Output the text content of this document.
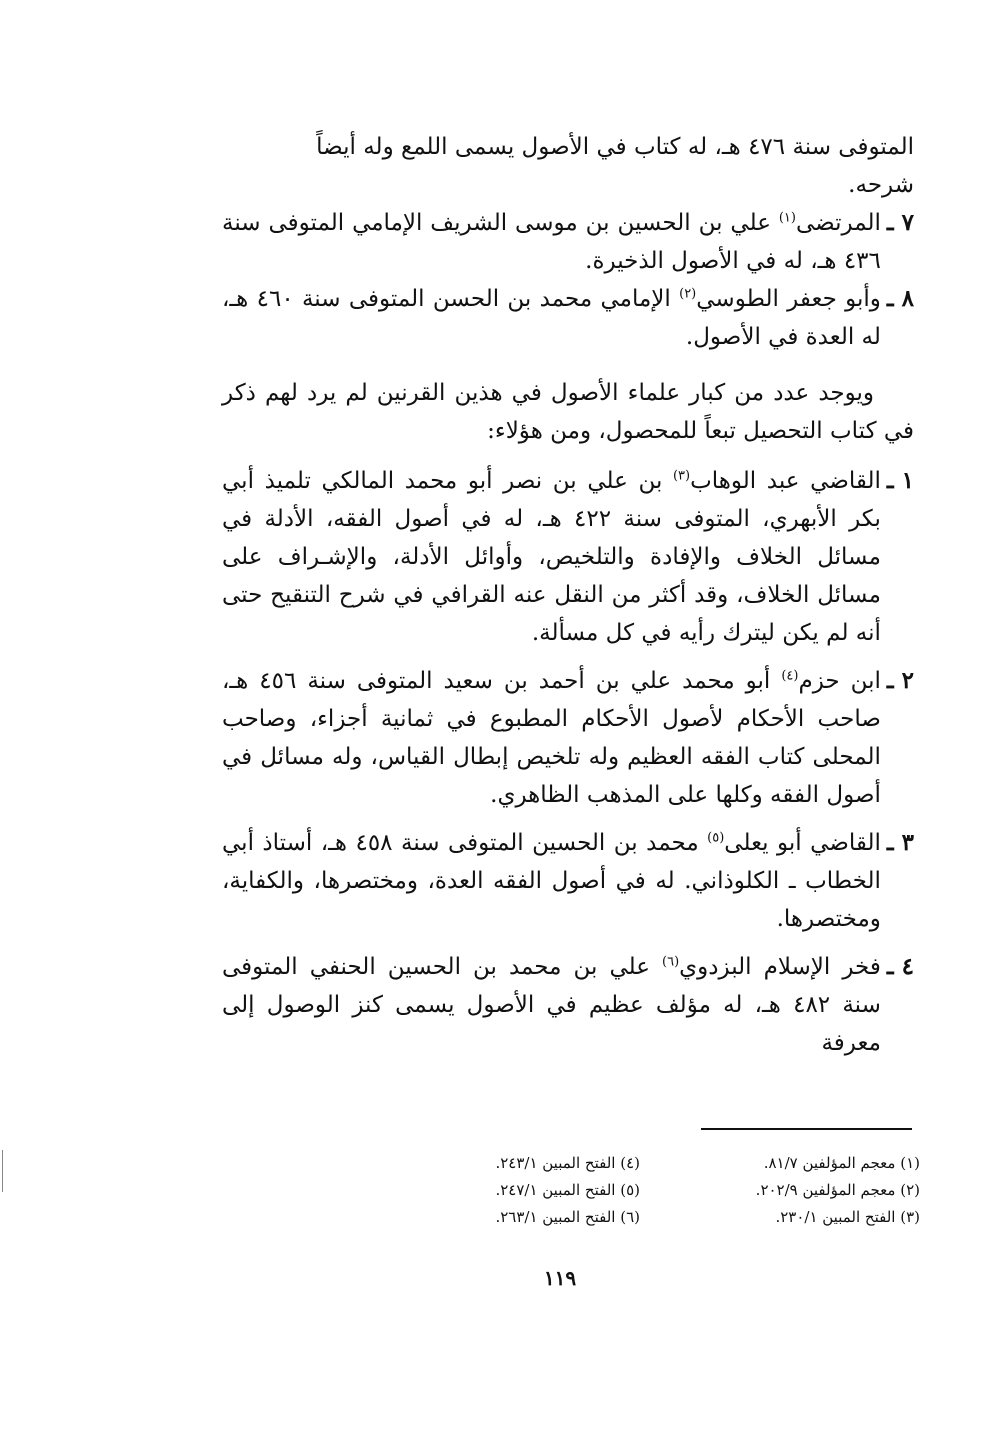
المتوفى سنة ٤٧٦ هـ، له كتاب في الأصول يسمى اللمع وله أيضاً

شرحه.

٧ ـ
المرتضى$^{(١)}$ علي بن الحسين بن موسى الشريف الإمامي المتوفى سنة ٤٣٦ هـ، له في الأصول الذخيرة.
٨ ـ
وأبو جعفر الطوسي$^{(٢)}$ الإمامي محمد بن الحسن المتوفى سنة ٤٦٠ هـ، له العدة في الأصول.

ويوجد عدد من كبار علماء الأصول في هذين القرنين لم يرد لهم ذكر في كتاب التحصيل تبعاً للمحصول، ومن هؤلاء:

١ ـ
القاضي عبد الوهاب$^{(٣)}$ بن علي بن نصر أبو محمد المالكي تلميذ أبي بكر الأبهري، المتوفى سنة ٤٢٢ هـ، له في أصول الفقه، الأدلة في مسائل الخلاف والإفادة والتلخيص، وأوائل الأدلة، والإشـراف على مسائل الخلاف، وقد أكثر من النقل عنه القرافي في شرح التنقيح حتى أنه لم يكن ليترك رأيه في كل مسألة.
٢ ـ
ابن حزم$^{(٤)}$ أبو محمد علي بن أحمد بن سعيد المتوفى سنة ٤٥٦ هـ، صاحب الأحكام لأصول الأحكام المطبوع في ثمانية أجزاء، وصاحب المحلى كتاب الفقه العظيم وله تلخيص إبطال القياس، وله مسائل في أصول الفقه وكلها على المذهب الظاهري.
٣ ـ
القاضي أبو يعلى$^{(٥)}$ محمد بن الحسين المتوفى سنة ٤٥٨ هـ، أستاذ أبي الخطاب ـ الكلوذاني. له في أصول الفقه العدة، ومختصرها، والكفاية، ومختصرها.
٤ ـ
فخر الإسلام البزدوي$^{(٦)}$ علي بن محمد بن الحسين الحنفي المتوفى سنة ٤٨٢ هـ، له مؤلف عظيم في الأصول يسمى كنز الوصول إلى معرفة
(١) معجم المؤلفين ٨١/٧.
(٢) معجم المؤلفين ٢٠٢/٩.
(٣) الفتح المبين ٢٣٠/١.
(٤) الفتح المبين ٢٤٣/١.
(٥) الفتح المبين ٢٤٧/١.
(٦) الفتح المبين ٢٦٣/١.
١١٩
